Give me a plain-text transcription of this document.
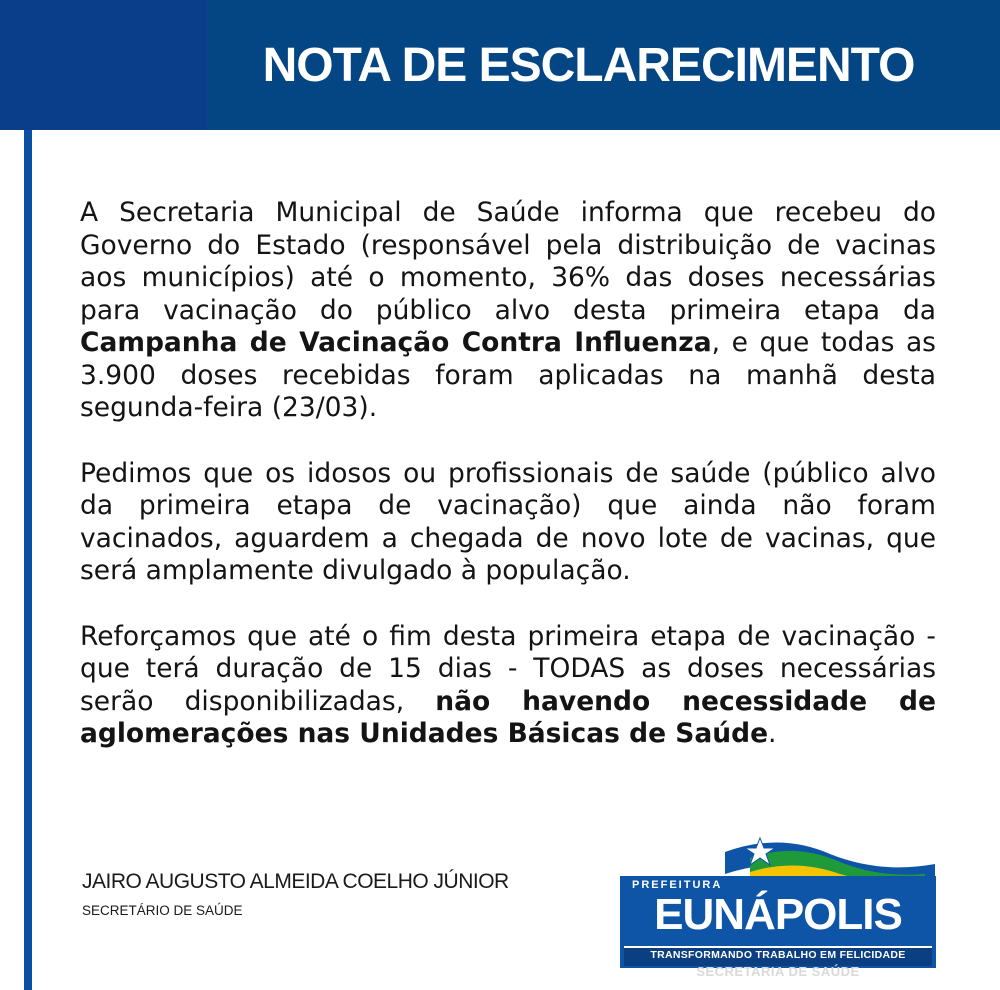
NOTA DE ESCLARECIMENTO

A Secretaria Municipal de Saúde informa que recebeu do Governo do Estado (responsável pela distribuição de vacinas aos municípios) até o momento, 36% das doses necessárias para vacinação do público alvo desta primeira etapa da Campanha de Vacinação Contra Influenza, e que todas as 3.900 doses recebidas foram aplicadas na manhã desta segunda-feira (23/03).

Pedimos que os idosos ou profissionais de saúde (público alvo da primeira etapa de vacinação) que ainda não foram vacinados, aguardem a chegada de novo lote de vacinas, que será amplamente divulgado à população.

Reforçamos que até o fim desta primeira etapa de vacinação - que terá duração de 15 dias - TODAS as doses necessárias serão disponibilizadas, não havendo necessidade de aglomerações nas Unidades Básicas de Saúde.

JAIRO AUGUSTO ALMEIDA COELHO JÚNIOR
SECRETÁRIO DE SAÚDE
PREFEITURA
EUNÁPOLIS
TRANSFORMANDO TRABALHO EM FELICIDADE
SECRETARIA DE SAÚDE
